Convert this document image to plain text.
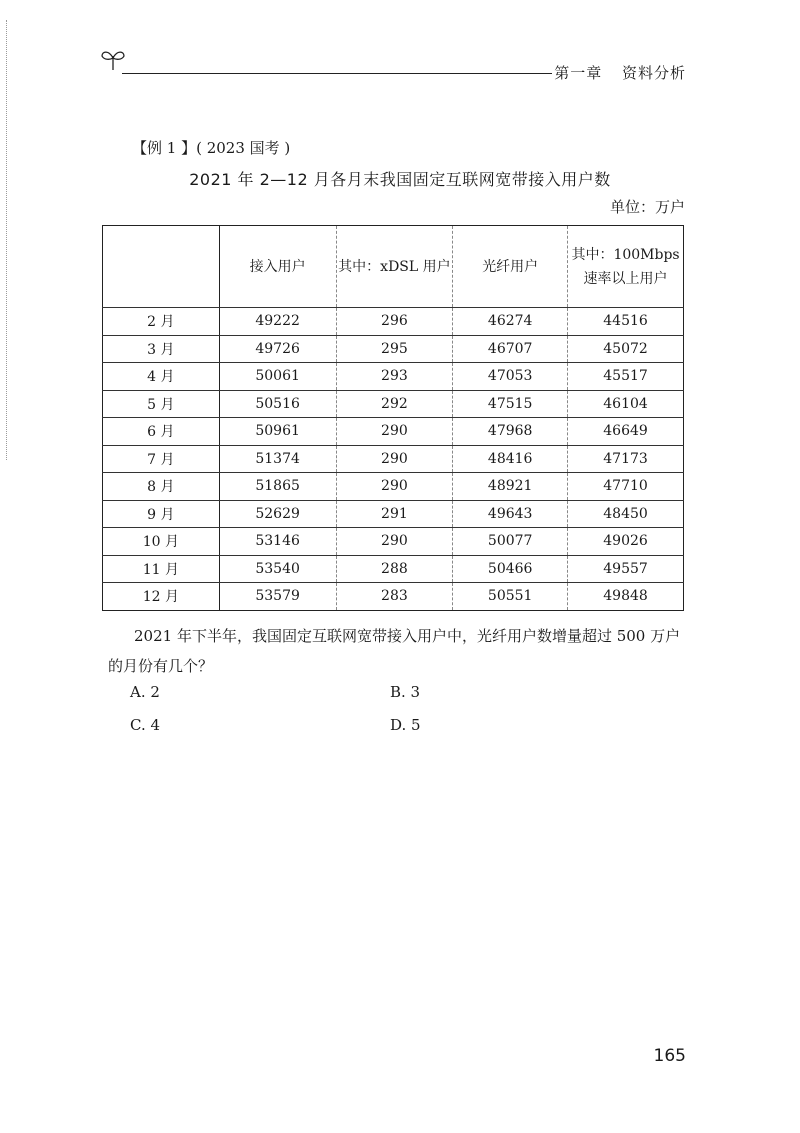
第一章 资料分析
【例 1 】( 2023 国考 )
2021 年 2—12 月各月末我国固定互联网宽带接入用户数
单位：万户
	接入用户	其中：xDSL 用户	光纤用户	其中：100Mbps 速率以上用户
2 月	49222	296	46274	44516
3 月	49726	295	46707	45072
4 月	50061	293	47053	45517
5 月	50516	292	47515	46104
6 月	50961	290	47968	46649
7 月	51374	290	48416	47173
8 月	51865	290	48921	47710
9 月	52629	291	49643	48450
10 月	53146	290	50077	49026
11 月	53540	288	50466	49557
12 月	53579	283	50551	49848
2021 年下半年，我国固定互联网宽带接入用户中，光纤用户数增量超过 500 万户的月份有几个？
A. 2	B. 3
C. 4	D. 5
165
